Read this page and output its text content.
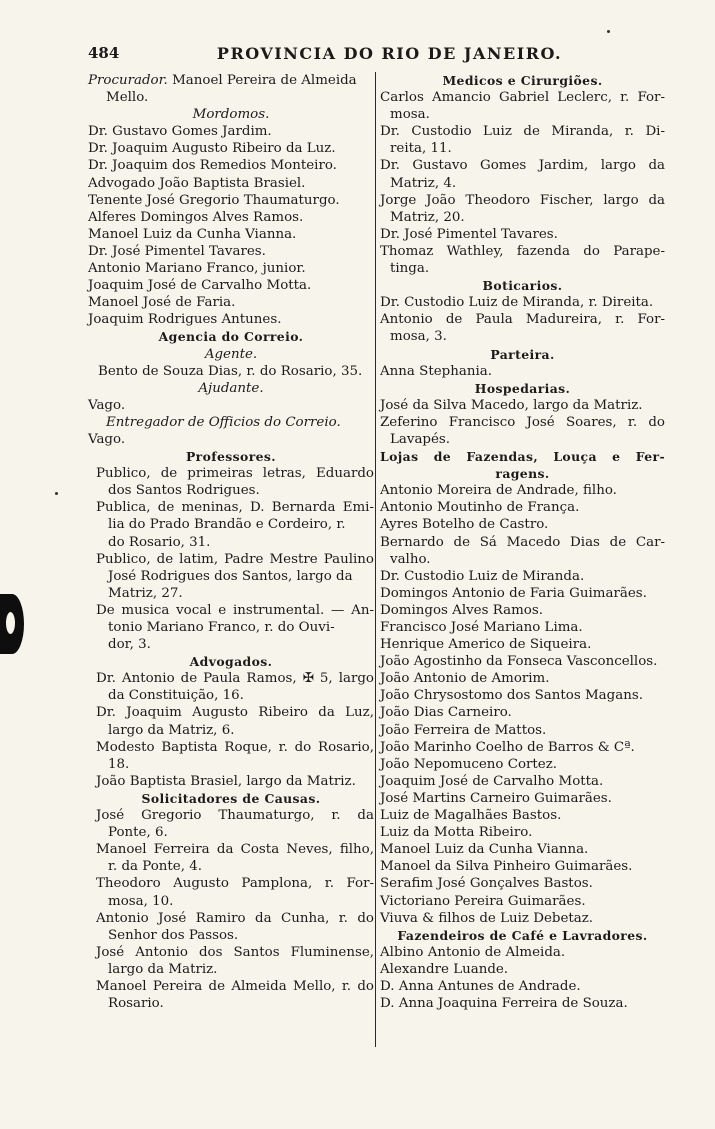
484	PROVINCIA DO RIO DE JANEIRO.
Procurador. Manoel Pereira de Almeida
Mello.
Mordomos.
Dr. Gustavo Gomes Jardim.
Dr. Joaquim Augusto Ribeiro da Luz.
Dr. Joaquim dos Remedios Monteiro.
Advogado João Baptista Brasiel.
Tenente José Gregorio Thaumaturgo.
Alferes Domingos Alves Ramos.
Manoel Luiz da Cunha Vianna.
Dr. José Pimentel Tavares.
Antonio Mariano Franco, junior.
Joaquim José de Carvalho Motta.
Manoel José de Faria.
Joaquim Rodrigues Antunes.
Agencia do Correio.
Agente.
Bento de Souza Dias, r. do Rosario, 35.
Ajudante.
Vago.
Entregador de Officios do Correio.
Vago.
Professores.
Publico, de primeiras letras, Eduardo
dos Santos Rodrigues.
Publica, de meninas, D. Bernarda Emi-
lia do Prado Brandão e Cordeiro, r.
do Rosario, 31.
Publico, de latim, Padre Mestre Paulino
José Rodrigues dos Santos, largo da
Matriz, 27.
De musica vocal e instrumental. — An-
tonio Mariano Franco, r. do Ouvi-
dor, 3.
Advogados.
Dr. Antonio de Paula Ramos, ✠ 5, largo
da Constituição, 16.
Dr. Joaquim Augusto Ribeiro da Luz,
largo da Matriz, 6.
Modesto Baptista Roque, r. do Rosario,
18.
João Baptista Brasiel, largo da Matriz.
Solicitadores de Causas.
José Gregorio Thaumaturgo, r. da
Ponte, 6.
Manoel Ferreira da Costa Neves, filho,
r. da Ponte, 4.
Theodoro Augusto Pamplona, r. For-
mosa, 10.
Antonio José Ramiro da Cunha, r. do
Senhor dos Passos.
José Antonio dos Santos Fluminense,
largo da Matriz.
Manoel Pereira de Almeida Mello, r. do
Rosario.
Medicos e Cirurgiões.
Carlos Amancio Gabriel Leclerc, r. For-
mosa.
Dr. Custodio Luiz de Miranda, r. Di-
reita, 11.
Dr. Gustavo Gomes Jardim, largo da
Matriz, 4.
Jorge João Theodoro Fischer, largo da
Matriz, 20.
Dr. José Pimentel Tavares.
Thomaz Wathley, fazenda do Parape-
tinga.
Boticarios.
Dr. Custodio Luiz de Miranda, r. Direita.
Antonio de Paula Madureira, r. For-
mosa, 3.
Parteira.
Anna Stephania.
Hospedarias.
José da Silva Macedo, largo da Matriz.
Zeferino Francisco José Soares, r. do
Lavapés.
Lojas de Fazendas, Louça e Fer-
ragens.
Antonio Moreira de Andrade, filho.
Antonio Moutinho de França.
Ayres Botelho de Castro.
Bernardo de Sá Macedo Dias de Car-
valho.
Dr. Custodio Luiz de Miranda.
Domingos Antonio de Faria Guimarães.
Domingos Alves Ramos.
Francisco José Mariano Lima.
Henrique Americo de Siqueira.
João Agostinho da Fonseca Vasconcellos.
João Antonio de Amorim.
João Chrysostomo dos Santos Magans.
João Dias Carneiro.
João Ferreira de Mattos.
João Marinho Coelho de Barros & Cª.
João Nepomuceno Cortez.
Joaquim José de Carvalho Motta.
José Martins Carneiro Guimarães.
Luiz de Magalhães Bastos.
Luiz da Motta Ribeiro.
Manoel Luiz da Cunha Vianna.
Manoel da Silva Pinheiro Guimarães.
Serafim José Gonçalves Bastos.
Victoriano Pereira Guimarães.
Viuva & filhos de Luiz Debetaz.
Fazendeiros de Café e Lavradores.
Albino Antonio de Almeida.
Alexandre Luande.
D. Anna Antunes de Andrade.
D. Anna Joaquina Ferreira de Souza.
